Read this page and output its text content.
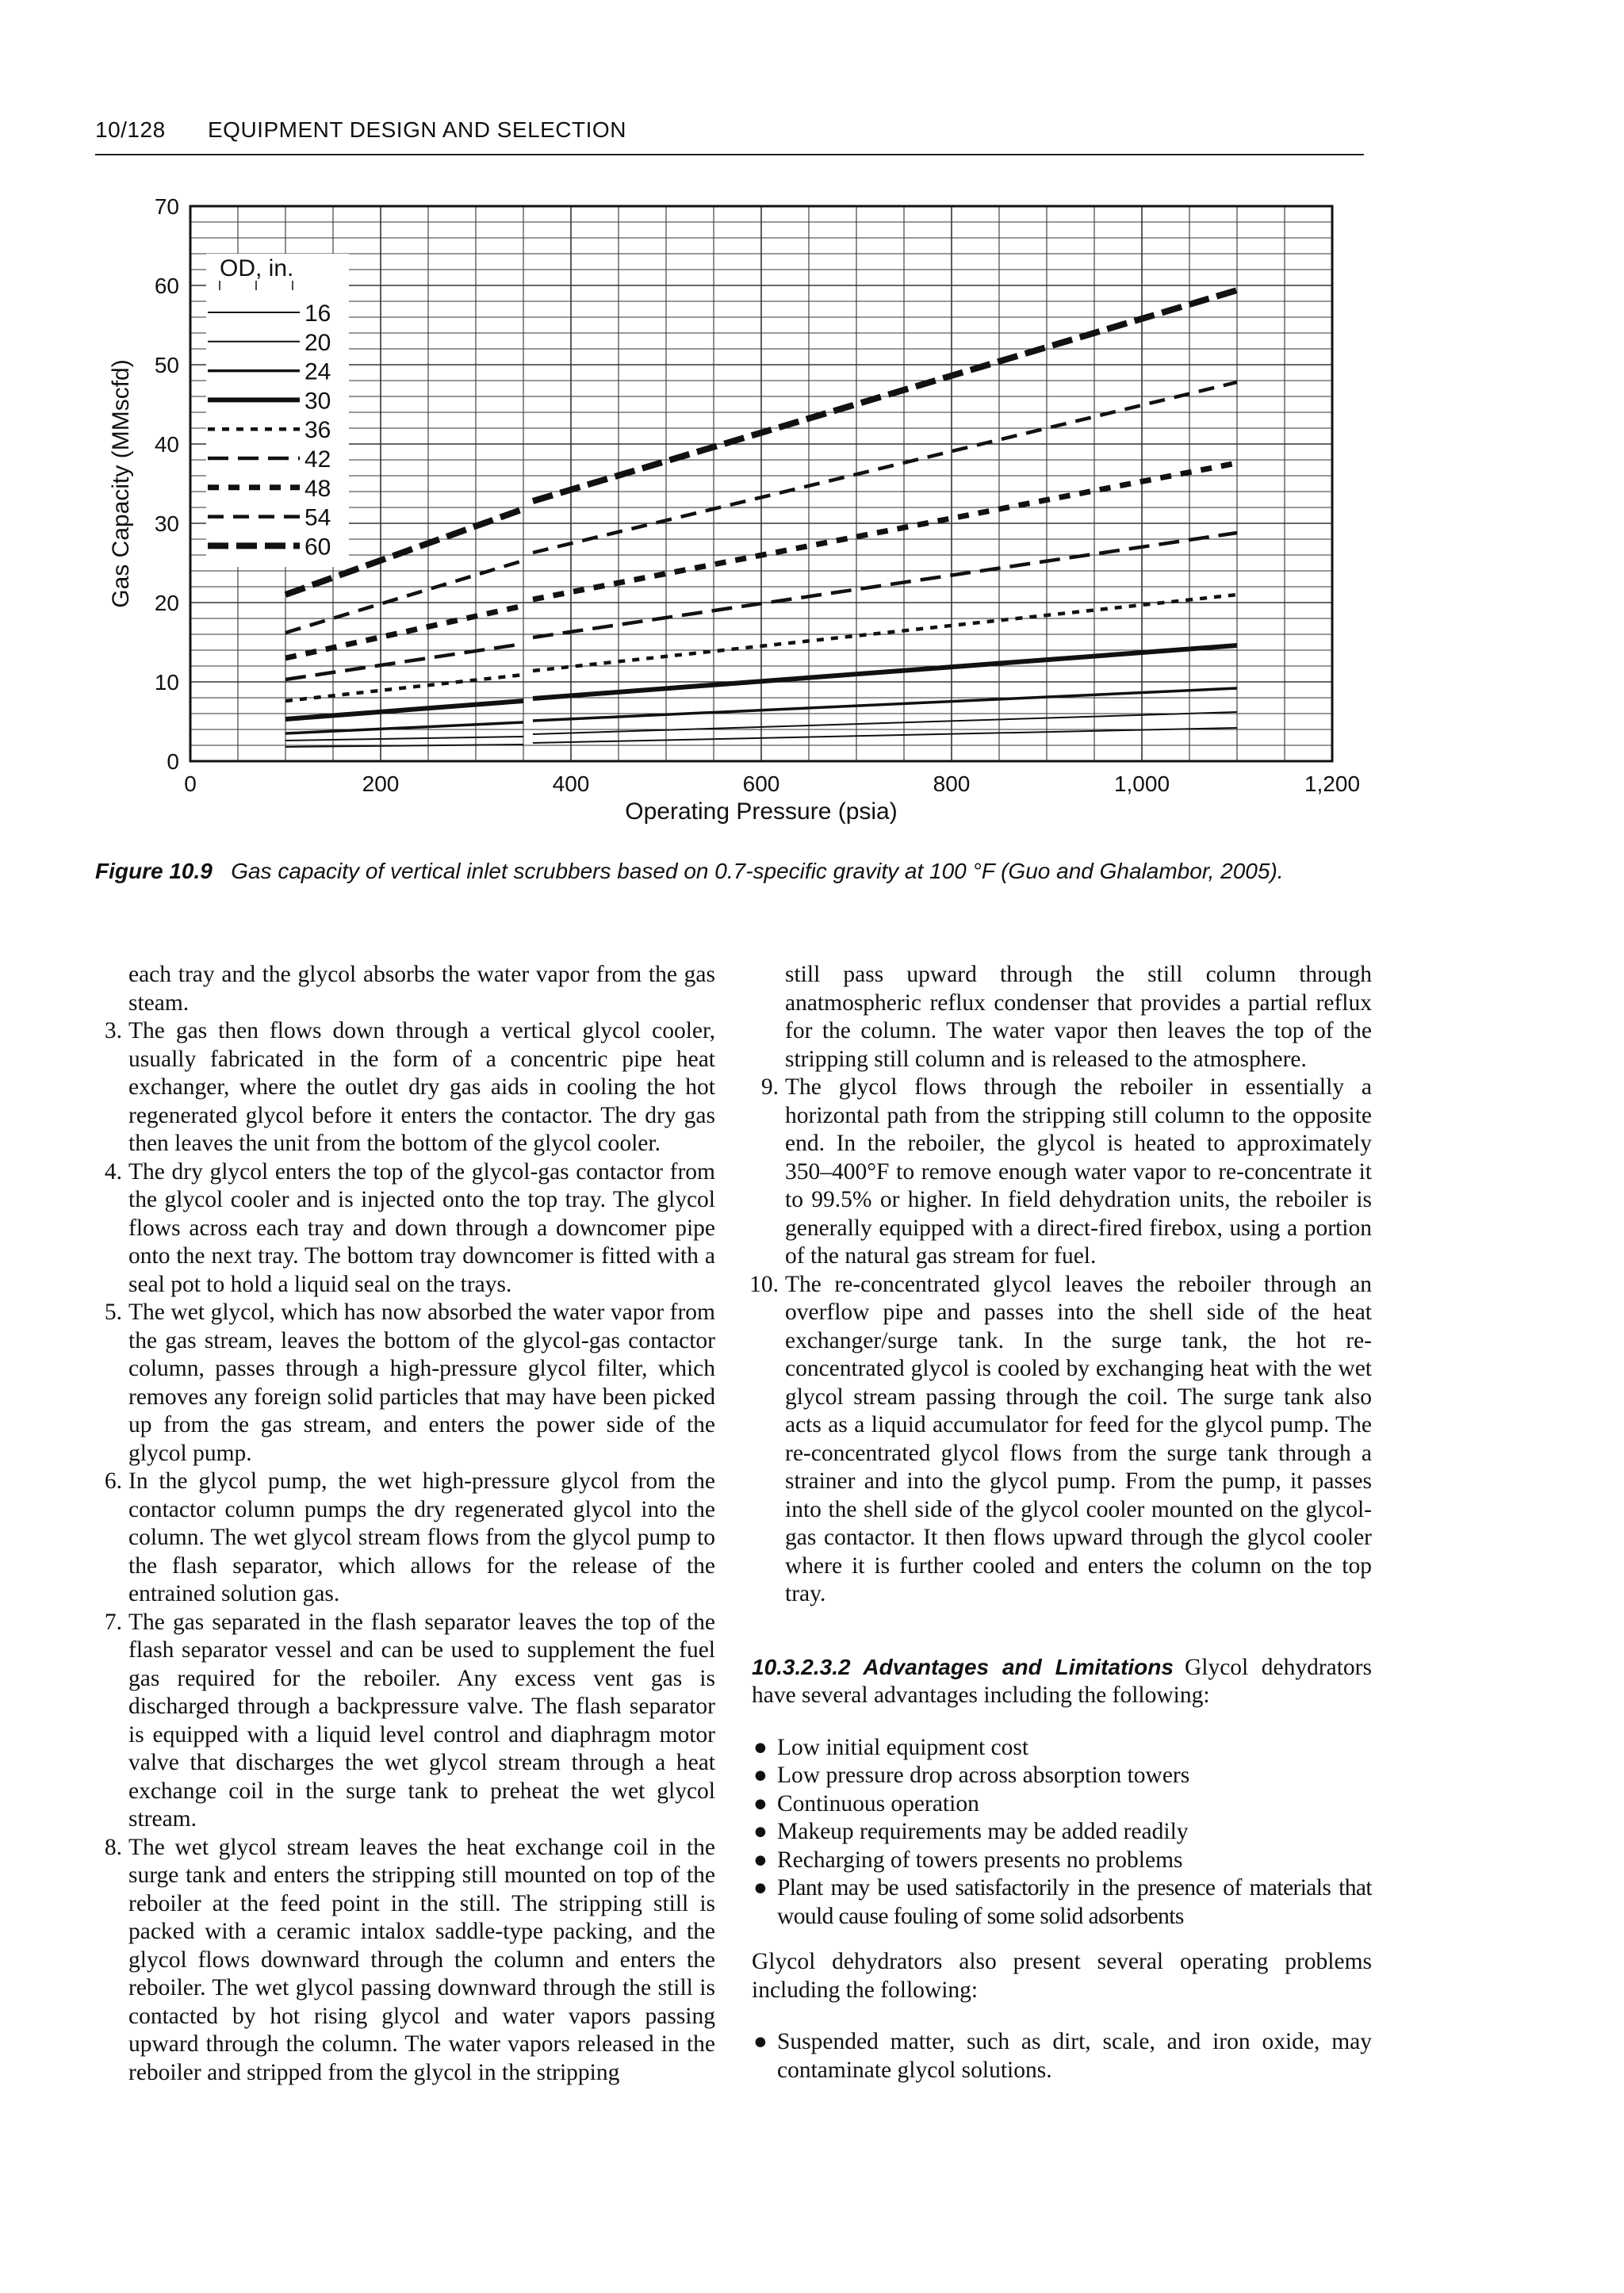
10/128 EQUIPMENT DESIGN AND SELECTION
0	200	400	600	800	1,000	1,200
0
10
20
30
40
50
60
70
Operating Pressure (psia)
Gas Capacity (MMscfd)
OD, in.
16
20
24
30
36
42
48
54
60
Figure 10.9 Gas capacity of vertical inlet scrubbers based on 0.7-specific gravity at 100 °F (Guo and Ghalambor, 2005).

each tray and the glycol absorbs the water vapor from the gas steam.

3. The gas then flows down through a vertical glycol cooler, usually fabricated in the form of a concentric pipe heat exchanger, where the outlet dry gas aids in cooling the hot regenerated glycol before it enters the contactor. The dry gas then leaves the unit from the bottom of the glycol cooler.
4. The dry glycol enters the top of the glycol-gas contactor from the glycol cooler and is injected onto the top tray. The glycol flows across each tray and down through a downcomer pipe onto the next tray. The bottom tray downcomer is fitted with a seal pot to hold a liquid seal on the trays.
5. The wet glycol, which has now absorbed the water vapor from the gas stream, leaves the bottom of the glycol-gas contactor column, passes through a high-pressure glycol filter, which removes any foreign solid particles that may have been picked up from the gas stream, and enters the power side of the glycol pump.
6. In the glycol pump, the wet high-pressure glycol from the contactor column pumps the dry regenerated glycol into the column. The wet glycol stream flows from the glycol pump to the flash separator, which allows for the release of the entrained solution gas.
7. The gas separated in the flash separator leaves the top of the flash separator vessel and can be used to supplement the fuel gas required for the reboiler. Any excess vent gas is discharged through a backpressure valve. The flash separator is equipped with a liquid level control and diaphragm motor valve that discharges the wet glycol stream through a heat exchange coil in the surge tank to preheat the wet glycol stream.
8. The wet glycol stream leaves the heat exchange coil in the surge tank and enters the stripping still mounted on top of the reboiler at the feed point in the still. The stripping still is packed with a ceramic intalox saddle-type packing, and the glycol flows downward through the column and enters the reboiler. The wet glycol passing downward through the still is contacted by hot rising glycol and water vapors passing upward through the column. The water vapors released in the reboiler and stripped from the glycol in the stripping

still pass upward through the still column through anatmospheric reflux condenser that provides a partial reflux for the column. The water vapor then leaves the top of the stripping still column and is released to the atmosphere.

9. The glycol flows through the reboiler in essentially a horizontal path from the stripping still column to the opposite end. In the reboiler, the glycol is heated to approximately 350–400°F to remove enough water vapor to re-concentrate it to 99.5% or higher. In field dehydration units, the reboiler is generally equipped with a direct-fired firebox, using a portion of the natural gas stream for fuel.
10. The re-concentrated glycol leaves the reboiler through an overflow pipe and passes into the shell side of the heat exchanger/surge tank. In the surge tank, the hot re-concentrated glycol is cooled by exchanging heat with the wet glycol stream passing through the coil. The surge tank also acts as a liquid accumulator for feed for the glycol pump. The re-concentrated glycol flows from the surge tank through a strainer and into the glycol pump. From the pump, it passes into the shell side of the glycol cooler mounted on the glycol-gas contactor. It then flows upward through the glycol cooler where it is further cooled and enters the column on the top tray.

10.3.2.3.2 Advantages and Limitations Glycol dehydrators have several advantages including the following:

● Low initial equipment cost
● Low pressure drop across absorption towers
● Continuous operation
● Makeup requirements may be added readily
● Recharging of towers presents no problems
● Plant may be used satisfactorily in the presence of materials that would cause fouling of some solid adsorbents

Glycol dehydrators also present several operating problems including the following:

● Suspended matter, such as dirt, scale, and iron oxide, may contaminate glycol solutions.
